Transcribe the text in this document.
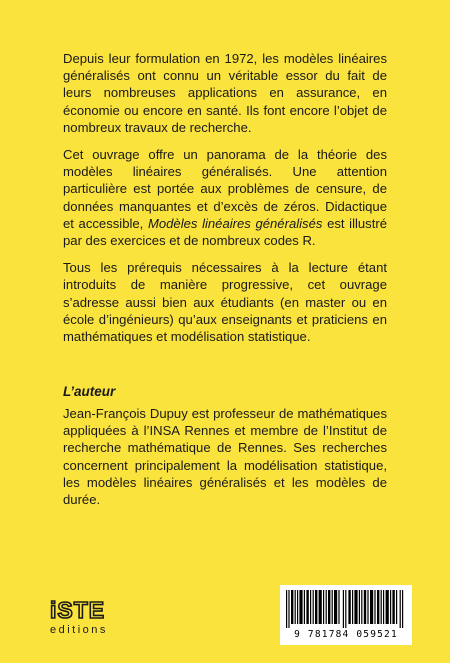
Depuis leur formulation en 1972, les modèles linéaires généralisés ont connu un véritable essor du fait de leurs nombreuses applications en assurance, en économie ou encore en santé. Ils font encore l’objet de nombreux travaux de recherche.

Cet ouvrage offre un panorama de la théorie des modèles linéaires généralisés. Une attention particulière est portée aux problèmes de censure, de données manquantes et d’excès de zéros. Didactique et accessible, Modèles linéaires généralisés est illustré par des exercices et de nombreux codes R.

Tous les prérequis nécessaires à la lecture étant introduits de manière progressive, cet ouvrage s’adresse aussi bien aux étudiants (en master ou en école d’ingénieurs) qu’aux enseignants et praticiens en mathématiques et modélisation statistique.

L’auteur

Jean-François Dupuy est professeur de mathématiques appliquées à l’INSA Rennes et membre de l’Institut de recherche mathématique de Rennes. Ses recherches concernent principalement la modélisation statistique, les modèles linéaires généralisés et les modèles de durée.

iSTE
editions	9 781784 059521
